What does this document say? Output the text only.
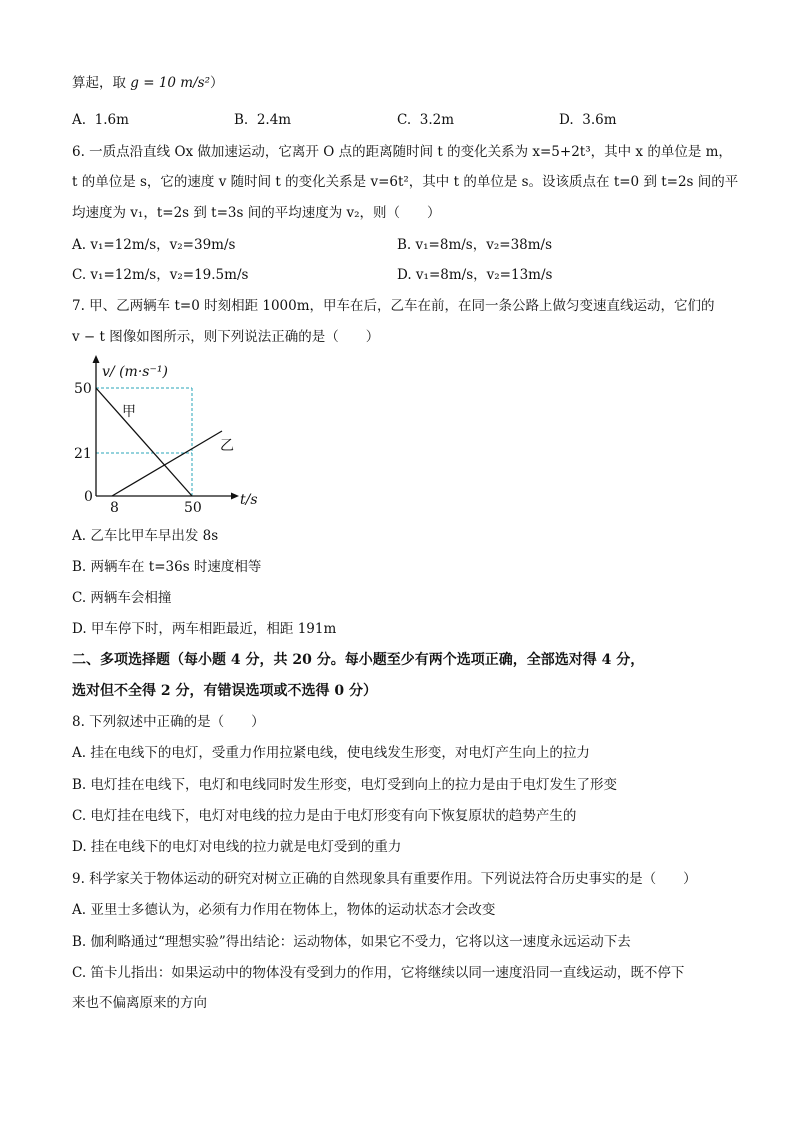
算起，取 g = 10 m/s²）
A. 1.6m	B. 2.4m	C. 3.2m	D. 3.6m
6. 一质点沿直线 Ox 做加速运动，它离开 O 点的距离随时间 t 的变化关系为 x=5+2t³，其中 x 的单位是 m，
t 的单位是 s，它的速度 v 随时间 t 的变化关系是 v=6t²，其中 t 的单位是 s。设该质点在 t=0 到 t=2s 间的平
均速度为 v₁，t=2s 到 t=3s 间的平均速度为 v₂，则（　　）
A. v₁=12m/s，v₂=39m/s	B. v₁=8m/s，v₂=38m/s
C. v₁=12m/s，v₂=19.5m/s	D. v₁=8m/s，v₂=13m/s
7. 甲、乙两辆车 t=0 时刻相距 1000m，甲车在后，乙车在前，在同一条公路上做匀变速直线运动，它们的
v − t 图像如图所示，则下列说法正确的是（　　）
v/ (m·s⁻¹)
t/s
50
21
0
8	50
甲
乙
A. 乙车比甲车早出发 8s
B. 两辆车在 t=36s 时速度相等
C. 两辆车会相撞
D. 甲车停下时，两车相距最近，相距 191m
二、多项选择题（每小题 4 分，共 20 分。每小题至少有两个选项正确，全部选对得 4 分，
选对但不全得 2 分，有错误选项或不选得 0 分）
8. 下列叙述中正确的是（　　）
A. 挂在电线下的电灯，受重力作用拉紧电线，使电线发生形变，对电灯产生向上的拉力
B. 电灯挂在电线下，电灯和电线同时发生形变，电灯受到向上的拉力是由于电灯发生了形变
C. 电灯挂在电线下，电灯对电线的拉力是由于电灯形变有向下恢复原状的趋势产生的
D. 挂在电线下的电灯对电线的拉力就是电灯受到的重力
9. 科学家关于物体运动的研究对树立正确的自然现象具有重要作用。下列说法符合历史事实的是（　　）
A. 亚里士多德认为，必须有力作用在物体上，物体的运动状态才会改变
B. 伽利略通过“理想实验”得出结论：运动物体，如果它不受力，它将以这一速度永远运动下去
C. 笛卡儿指出：如果运动中的物体没有受到力的作用，它将继续以同一速度沿同一直线运动，既不停下
来也不偏离原来的方向
